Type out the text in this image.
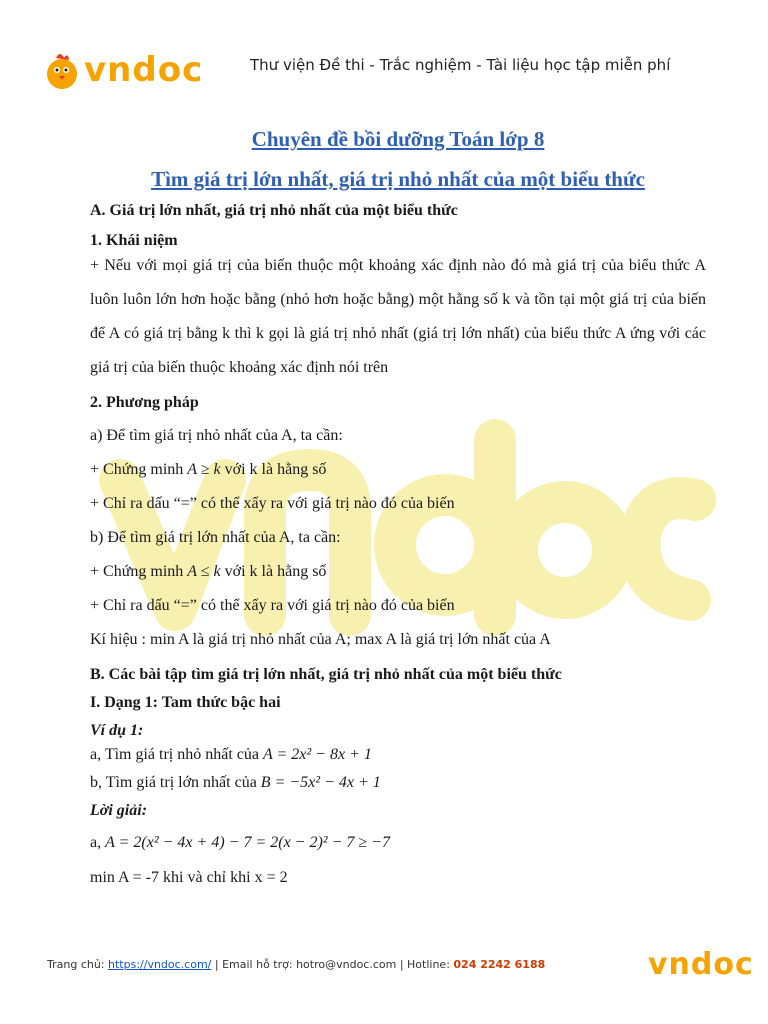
vndoc	Thư viện Đề thi - Trắc nghiệm - Tài liệu học tập miễn phí
Chuyên đề bồi dưỡng Toán lớp 8
Tìm giá trị lớn nhất, giá trị nhỏ nhất của một biểu thức

A. Giá trị lớn nhất, giá trị nhỏ nhất của một biểu thức

1. Khái niệm

+ Nếu với mọi giá trị của biến thuộc một khoảng xác định nào đó mà giá trị của biểu thức A luôn luôn lớn hơn hoặc bằng (nhỏ hơn hoặc bằng) một hằng số k và tồn tại một giá trị của biến để A có giá trị bằng k thì k gọi là giá trị nhỏ nhất (giá trị lớn nhất) của biểu thức A ứng với các giá trị của biến thuộc khoảng xác định nói trên

2. Phương pháp

a) Để tìm giá trị nhỏ nhất của A, ta cần:

+ Chứng minh A ≥ k với k là hằng số

+ Chỉ ra dấu “=” có thể xẩy ra với giá trị nào đó của biến

b) Để tìm giá trị lớn nhất của A, ta cần:

+ Chứng minh A ≤ k với k là hằng số

+ Chỉ ra dấu “=” có thể xẩy ra với giá trị nào đó của biến

Kí hiệu : min A là giá trị nhỏ nhất của A; max A là giá trị lớn nhất của A

B. Các bài tập tìm giá trị lớn nhất, giá trị nhỏ nhất của một biểu thức

I. Dạng 1: Tam thức bậc hai

Ví dụ 1:

a, Tìm giá trị nhỏ nhất của A = 2x² − 8x + 1

b, Tìm giá trị lớn nhất của B = −5x² − 4x + 1

Lời giải:

a, A = 2(x² − 4x + 4) − 7 = 2(x − 2)² − 7 ≥ −7

min A = -7 khi và chỉ khi x = 2

Trang chủ: https://vndoc.com/ | Email hỗ trợ: hotro@vndoc.com | Hotline: 024 2242 6188	vndoc
